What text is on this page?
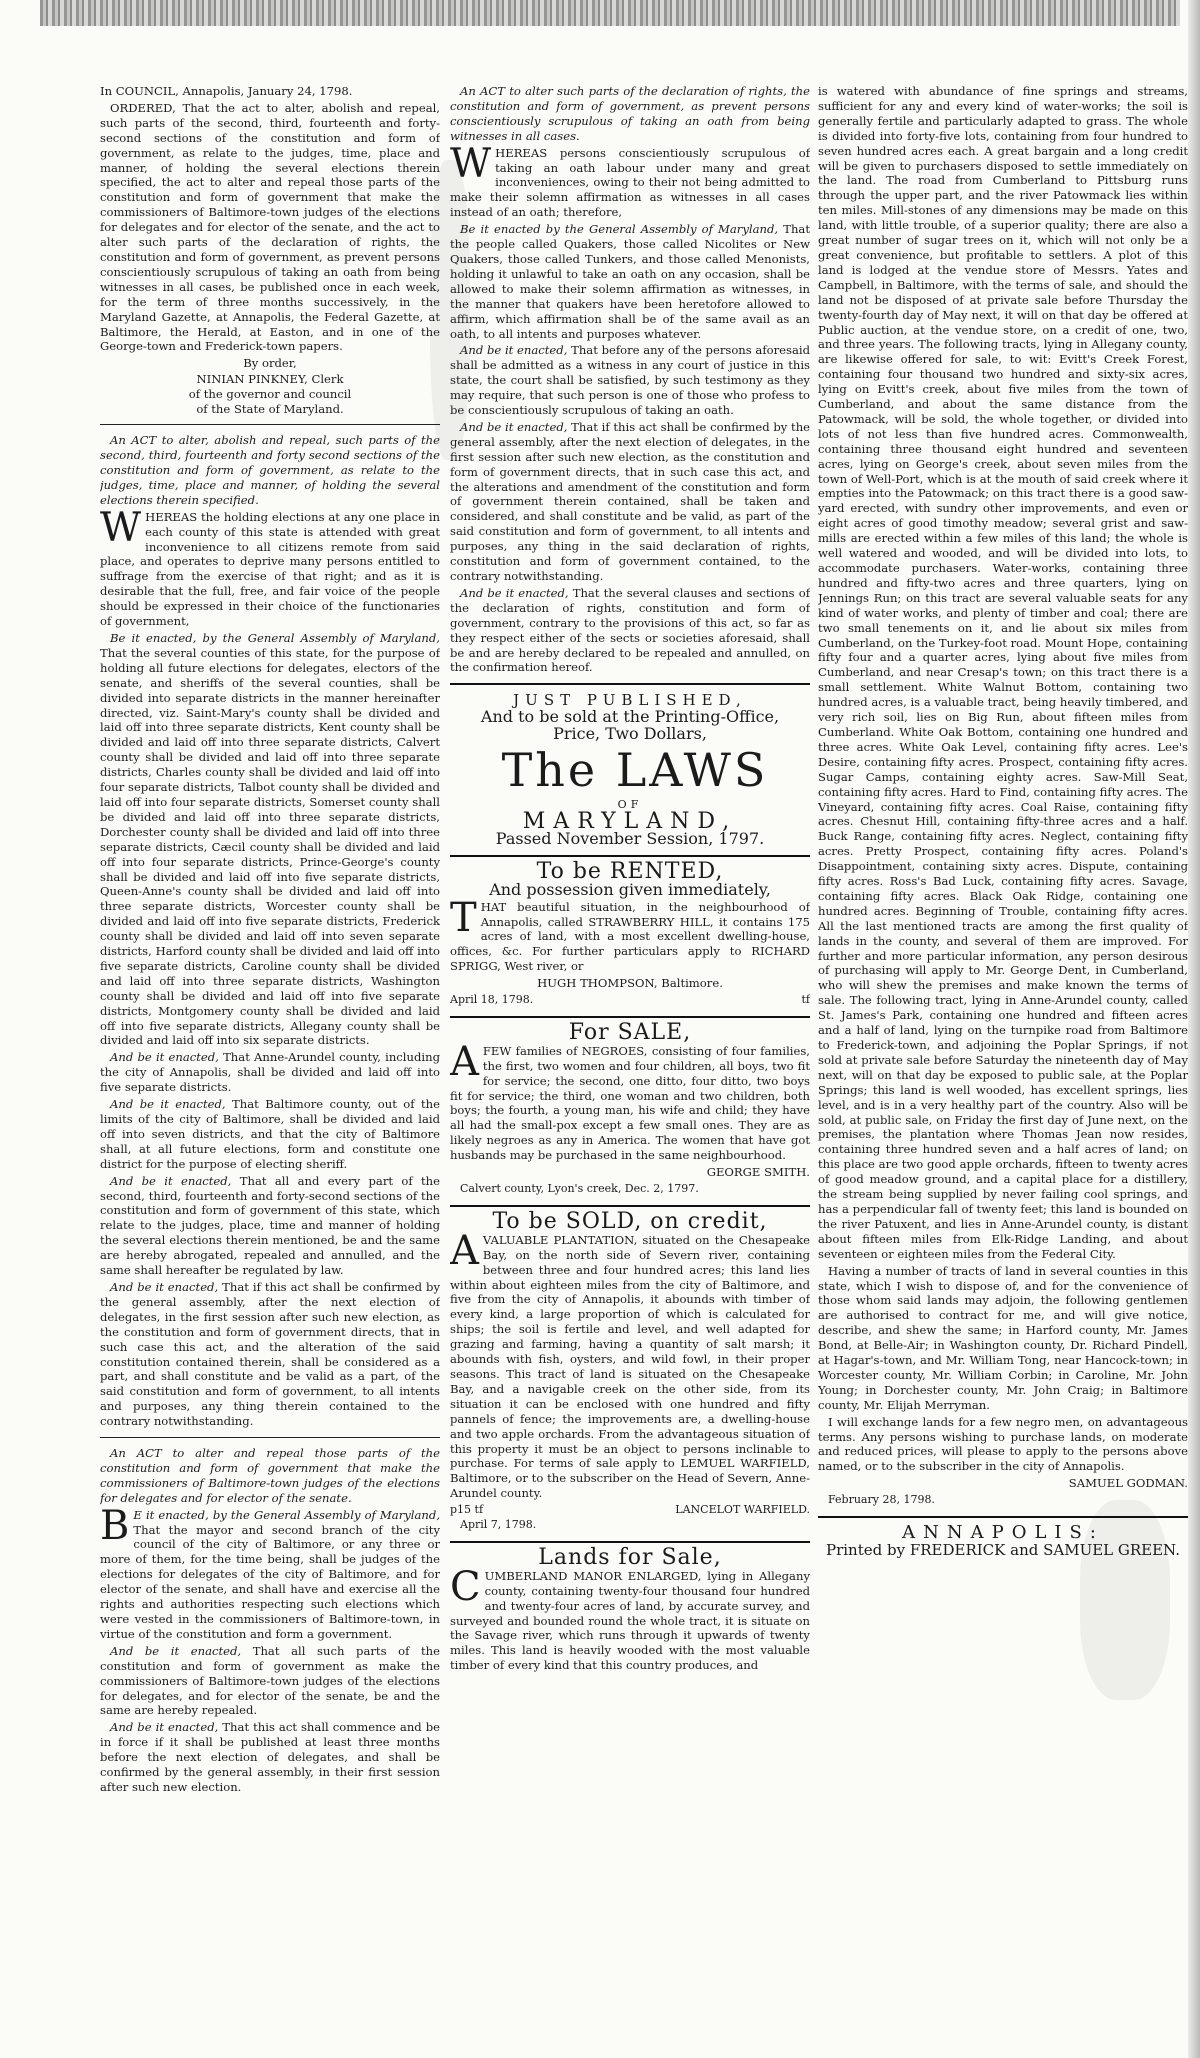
In COUNCIL, Annapolis, January 24, 1798.

ORDERED, That the act to alter, abolish and repeal, such parts of the second, third, fourteenth and forty-second sections of the constitution and form of government, as relate to the judges, time, place and manner, of holding the several elections therein specified, the act to alter and repeal those parts of the constitution and form of government that make the commissioners of Baltimore-town judges of the elections for delegates and for elector of the senate, and the act to alter such parts of the declaration of rights, the constitution and form of government, as prevent persons conscientiously scrupulous of taking an oath from being witnesses in all cases, be published once in each week, for the term of three months successively, in the Maryland Gazette, at Annapolis, the Federal Gazette, at Baltimore, the Herald, at Easton, and in one of the George-town and Frederick-town papers.

By order,

NINIAN PINKNEY, Clerk

of the governor and council

of the State of Maryland.

An ACT to alter, abolish and repeal, such parts of the second, third, fourteenth and forty second sections of the constitution and form of government, as relate to the judges, time, place and manner, of holding the several elections therein specified.

WHEREAS the holding elections at any one place in each county of this state is attended with great inconvenience to all citizens remote from said place, and operates to deprive many persons entitled to suffrage from the exercise of that right; and as it is desirable that the full, free, and fair voice of the people should be expressed in their choice of the functionaries of government,

Be it enacted, by the General Assembly of Maryland, That the several counties of this state, for the purpose of holding all future elections for delegates, electors of the senate, and sheriffs of the several counties, shall be divided into separate districts in the manner hereinafter directed, viz. Saint-Mary's county shall be divided and laid off into three separate districts, Kent county shall be divided and laid off into three separate districts, Calvert county shall be divided and laid off into three separate districts, Charles county shall be divided and laid off into four separate districts, Talbot county shall be divided and laid off into four separate districts, Somerset county shall be divided and laid off into three separate districts, Dorchester county shall be divided and laid off into three separate districts, Cæcil county shall be divided and laid off into four separate districts, Prince-George's county shall be divided and laid off into five separate districts, Queen-Anne's county shall be divided and laid off into three separate districts, Worcester county shall be divided and laid off into five separate districts, Frederick county shall be divided and laid off into seven separate districts, Harford county shall be divided and laid off into five separate districts, Caroline county shall be divided and laid off into three separate districts, Washington county shall be divided and laid off into five separate districts, Montgomery county shall be divided and laid off into five separate districts, Allegany county shall be divided and laid off into six separate districts.

And be it enacted, That Anne-Arundel county, including the city of Annapolis, shall be divided and laid off into five separate districts.

And be it enacted, That Baltimore county, out of the limits of the city of Baltimore, shall be divided and laid off into seven districts, and that the city of Baltimore shall, at all future elections, form and constitute one district for the purpose of electing sheriff.

And be it enacted, That all and every part of the second, third, fourteenth and forty-second sections of the constitution and form of government of this state, which relate to the judges, place, time and manner of holding the several elections therein mentioned, be and the same are hereby abrogated, repealed and annulled, and the same shall hereafter be regulated by law.

And be it enacted, That if this act shall be confirmed by the general assembly, after the next election of delegates, in the first session after such new election, as the constitution and form of government directs, that in such case this act, and the alteration of the said constitution contained therein, shall be considered as a part, and shall constitute and be valid as a part, of the said constitution and form of government, to all intents and purposes, any thing therein contained to the contrary notwithstanding.

An ACT to alter and repeal those parts of the constitution and form of government that make the commissioners of Baltimore-town judges of the elections for delegates and for elector of the senate.

B E it enacted, by the General Assembly of Maryland, That the mayor and second branch of the city council of the city of Baltimore, or any three or more of them, for the time being, shall be judges of the elections for delegates of the city of Baltimore, and for elector of the senate, and shall have and exercise all the rights and authorities respecting such elections which were vested in the commissioners of Baltimore-town, in virtue of the constitution and form a government.

And be it enacted, That all such parts of the constitution and form of government as make the commissioners of Baltimore-town judges of the elections for delegates, and for elector of the senate, be and the same are hereby repealed.

And be it enacted, That this act shall commence and be in force if it shall be published at least three months before the next election of delegates, and shall be confirmed by the general assembly, in their first session after such new election.

An ACT to alter such parts of the declaration of rights, the constitution and form of government, as prevent persons conscientiously scrupulous of taking an oath from being witnesses in all cases.

WHEREAS persons conscientiously scrupulous of taking an oath labour under many and great inconveniences, owing to their not being admitted to make their solemn affirmation as witnesses in all cases instead of an oath; therefore,

Be it enacted by the General Assembly of Maryland, That the people called Quakers, those called Nicolites or New Quakers, those called Tunkers, and those called Menonists, holding it unlawful to take an oath on any occasion, shall be allowed to make their solemn affirmation as witnesses, in the manner that quakers have been heretofore allowed to affirm, which affirmation shall be of the same avail as an oath, to all intents and purposes whatever.

And be it enacted, That before any of the persons aforesaid shall be admitted as a witness in any court of justice in this state, the court shall be satisfied, by such testimony as they may require, that such person is one of those who profess to be conscientiously scrupulous of taking an oath.

And be it enacted, That if this act shall be confirmed by the general assembly, after the next election of delegates, in the first session after such new election, as the constitution and form of government directs, that in such case this act, and the alterations and amendment of the constitution and form of government therein contained, shall be taken and considered, and shall constitute and be valid, as part of the said constitution and form of government, to all intents and purposes, any thing in the said declaration of rights, constitution and form of government contained, to the contrary notwithstanding.

And be it enacted, That the several clauses and sections of the declaration of rights, constitution and form of government, contrary to the provisions of this act, so far as they respect either of the sects or societies aforesaid, shall be and are hereby declared to be repealed and annulled, on the confirmation hereof.

JUST PUBLISHED,

And to be sold at the Printing-Office,

Price, Two Dollars,

The LAWS

OF

MARYLAND,

Passed November Session, 1797.

To be RENTED,

And possession given immediately,

THAT beautiful situation, in the neighbourhood of Annapolis, called STRAWBERRY HILL, it contains 175 acres of land, with a most excellent dwelling-house, offices, &c. For further particulars apply to RICHARD SPRIGG, West river, or

HUGH THOMPSON, Baltimore.

April 18, 1798.	tf

For SALE,

AFEW families of NEGROES, consisting of four families, the first, two women and four children, all boys, two fit for service; the second, one ditto, four ditto, two boys fit for service; the third, one woman and two children, both boys; the fourth, a young man, his wife and child; they have all had the small-pox except a few small ones. They are as likely negroes as any in America. The women that have got husbands may be purchased in the same neighbourhood.

GEORGE SMITH.

Calvert county, Lyon's creek, Dec. 2, 1797.

To be SOLD, on credit,

AVALUABLE PLANTATION, situated on the Chesapeake Bay, on the north side of Severn river, containing between three and four hundred acres; this land lies within about eighteen miles from the city of Baltimore, and five from the city of Annapolis, it abounds with timber of every kind, a large proportion of which is calculated for ships; the soil is fertile and level, and well adapted for grazing and farming, having a quantity of salt marsh; it abounds with fish, oysters, and wild fowl, in their proper seasons. This tract of land is situated on the Chesapeake Bay, and a navigable creek on the other side, from its situation it can be enclosed with one hundred and fifty pannels of fence; the improvements are, a dwelling-house and two apple orchards. From the advantageous situation of this property it must be an object to persons inclinable to purchase. For terms of sale apply to LEMUEL WARFIELD, Baltimore, or to the subscriber on the Head of Severn, Anne-Arundel county.

p15 tf	LANCELOT WARFIELD.

April 7, 1798.

Lands for Sale,

CUMBERLAND MANOR ENLARGED, lying in Allegany county, containing twenty-four thousand four hundred and twenty-four acres of land, by accurate survey, and surveyed and bounded round the whole tract, it is situate on the Savage river, which runs through it upwards of twenty miles. This land is heavily wooded with the most valuable timber of every kind that this country produces, and

is watered with abundance of fine springs and streams, sufficient for any and every kind of water-works; the soil is generally fertile and particularly adapted to grass. The whole is divided into forty-five lots, containing from four hundred to seven hundred acres each. A great bargain and a long credit will be given to purchasers disposed to settle immediately on the land. The road from Cumberland to Pittsburg runs through the upper part, and the river Patowmack lies within ten miles. Mill-stones of any dimensions may be made on this land, with little trouble, of a superior quality; there are also a great number of sugar trees on it, which will not only be a great convenience, but profitable to settlers. A plot of this land is lodged at the vendue store of Messrs. Yates and Campbell, in Baltimore, with the terms of sale, and should the land not be disposed of at private sale before Thursday the twenty-fourth day of May next, it will on that day be offered at Public auction, at the vendue store, on a credit of one, two, and three years. The following tracts, lying in Allegany county, are likewise offered for sale, to wit: Evitt's Creek Forest, containing four thousand two hundred and sixty-six acres, lying on Evitt's creek, about five miles from the town of Cumberland, and about the same distance from the Patowmack, will be sold, the whole together, or divided into lots of not less than five hundred acres. Commonwealth, containing three thousand eight hundred and seventeen acres, lying on George's creek, about seven miles from the town of Well-Port, which is at the mouth of said creek where it empties into the Patowmack; on this tract there is a good saw-yard erected, with sundry other improvements, and even or eight acres of good timothy meadow; several grist and saw-mills are erected within a few miles of this land; the whole is well watered and wooded, and will be divided into lots, to accommodate purchasers. Water-works, containing three hundred and fifty-two acres and three quarters, lying on Jennings Run; on this tract are several valuable seats for any kind of water works, and plenty of timber and coal; there are two small tenements on it, and lie about six miles from Cumberland, on the Turkey-foot road. Mount Hope, containing fifty four and a quarter acres, lying about five miles from Cumberland, and near Cresap's town; on this tract there is a small settlement. White Walnut Bottom, containing two hundred acres, is a valuable tract, being heavily timbered, and very rich soil, lies on Big Run, about fifteen miles from Cumberland. White Oak Bottom, containing one hundred and three acres. White Oak Level, containing fifty acres. Lee's Desire, containing fifty acres. Prospect, containing fifty acres. Sugar Camps, containing eighty acres. Saw-Mill Seat, containing fifty acres. Hard to Find, containing fifty acres. The Vineyard, containing fifty acres. Coal Raise, containing fifty acres. Chesnut Hill, containing fifty-three acres and a half. Buck Range, containing fifty acres. Neglect, containing fifty acres. Pretty Prospect, containing fifty acres. Poland's Disappointment, containing sixty acres. Dispute, containing fifty acres. Ross's Bad Luck, containing fifty acres. Savage, containing fifty acres. Black Oak Ridge, containing one hundred acres. Beginning of Trouble, containing fifty acres. All the last mentioned tracts are among the first quality of lands in the county, and several of them are improved. For further and more particular information, any person desirous of purchasing will apply to Mr. George Dent, in Cumberland, who will shew the premises and make known the terms of sale. The following tract, lying in Anne-Arundel county, called St. James's Park, containing one hundred and fifteen acres and a half of land, lying on the turnpike road from Baltimore to Frederick-town, and adjoining the Poplar Springs, if not sold at private sale before Saturday the nineteenth day of May next, will on that day be exposed to public sale, at the Poplar Springs; this land is well wooded, has excellent springs, lies level, and is in a very healthy part of the country. Also will be sold, at public sale, on Friday the first day of June next, on the premises, the plantation where Thomas Jean now resides, containing three hundred seven and a half acres of land; on this place are two good apple orchards, fifteen to twenty acres of good meadow ground, and a capital place for a distillery, the stream being supplied by never failing cool springs, and has a perpendicular fall of twenty feet; this land is bounded on the river Patuxent, and lies in Anne-Arundel county, is distant about fifteen miles from Elk-Ridge Landing, and about seventeen or eighteen miles from the Federal City.

Having a number of tracts of land in several counties in this state, which I wish to dispose of, and for the convenience of those whom said lands may adjoin, the following gentlemen are authorised to contract for me, and will give notice, describe, and shew the same; in Harford county, Mr. James Bond, at Belle-Air; in Washington county, Dr. Richard Pindell, at Hagar's-town, and Mr. William Tong, near Hancock-town; in Worcester county, Mr. William Corbin; in Caroline, Mr. John Young; in Dorchester county, Mr. John Craig; in Baltimore county, Mr. Elijah Merryman.

I will exchange lands for a few negro men, on advantageous terms. Any persons wishing to purchase lands, on moderate and reduced prices, will please to apply to the persons above named, or to the subscriber in the city of Annapolis.

SAMUEL GODMAN.

February 28, 1798.

ANNAPOLIS:

Printed by FREDERICK and SAMUEL GREEN.
